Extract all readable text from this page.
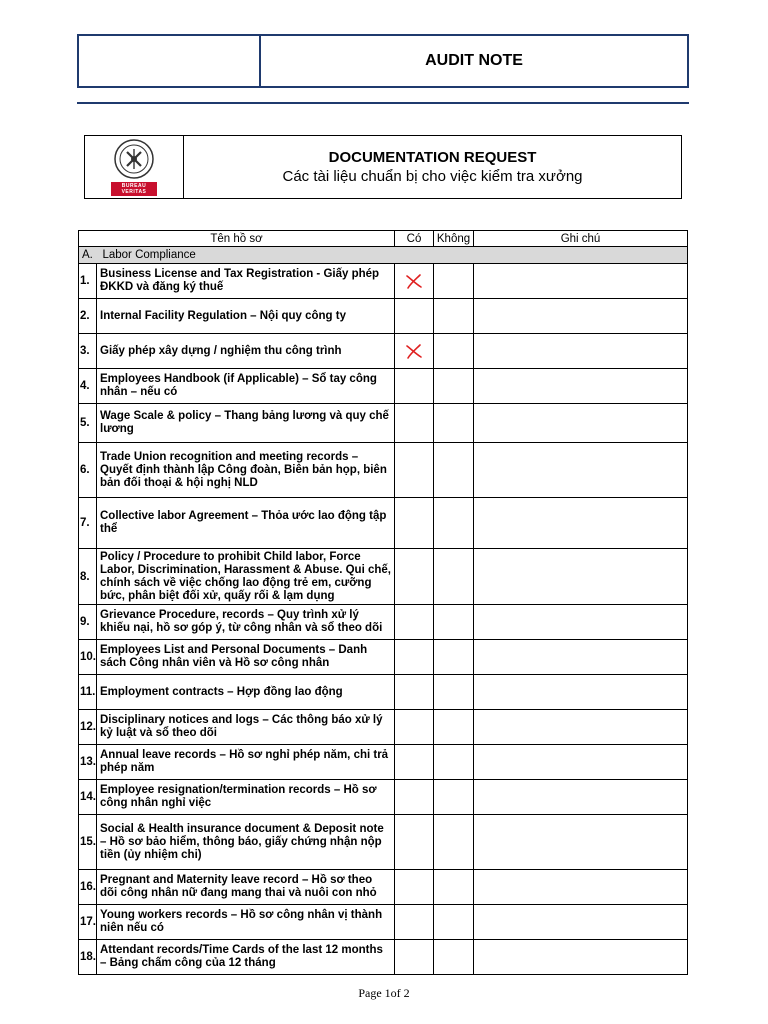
AUDIT NOTE
BUREAU
VERITAS
DOCUMENTATION REQUEST
Các tài liệu chuẩn bị cho việc kiểm tra xưởng
Tên hồ sơ		Có	Không	Ghi chú
A. Labor Compliance				
1.	Business License and Tax Registration - Giấy phép ĐKKD và đăng ký thuế	

2.	Internal Facility Regulation – Nội quy công ty			
3.	Giấy phép xây dựng / nghiệm thu công trình	

4.	Employees Handbook (if Applicable) – Sổ tay công nhân – nếu có			
5.	Wage Scale & policy – Thang bảng lương và quy chế lương			
6.	Trade Union recognition and meeting records – Quyết định thành lập Công đoàn, Biên bản họp, biên bản đối thoại & hội nghị NLD			
7.	Collective labor Agreement – Thỏa ước lao động tập thể			
8.	Policy / Procedure to prohibit Child labor, Force Labor, Discrimination, Harassment & Abuse. Qui chế, chính sách về việc chống lao động trẻ em, cưỡng bức, phân biệt đối xử, quấy rối & lạm dụng			
9.	Grievance Procedure, records – Quy trình xử lý khiếu nại, hồ sơ góp ý, từ công nhân và sổ theo dõi			
10.	Employees List and Personal Documents – Danh sách Công nhân viên và Hồ sơ công nhân			
11.	Employment contracts – Hợp đồng lao động			
12.	Disciplinary notices and logs – Các thông báo xử lý kỷ luật và sổ theo dõi			
13.	Annual leave records – Hồ sơ nghỉ phép năm, chi trả phép năm			
14.	Employee resignation/termination records – Hồ sơ công nhân nghỉ việc			
15.	Social & Health insurance document & Deposit note – Hồ sơ bảo hiểm, thông báo, giấy chứng nhận nộp tiền (ủy nhiệm chi)			
16.	Pregnant and Maternity leave record – Hồ sơ theo dõi công nhân nữ đang mang thai và nuôi con nhỏ			
17.	Young workers records – Hồ sơ công nhân vị thành niên nếu có			
18.	Attendant records/Time Cards of the last 12 months – Bảng chấm công của 12 tháng			
Page 1of 2
